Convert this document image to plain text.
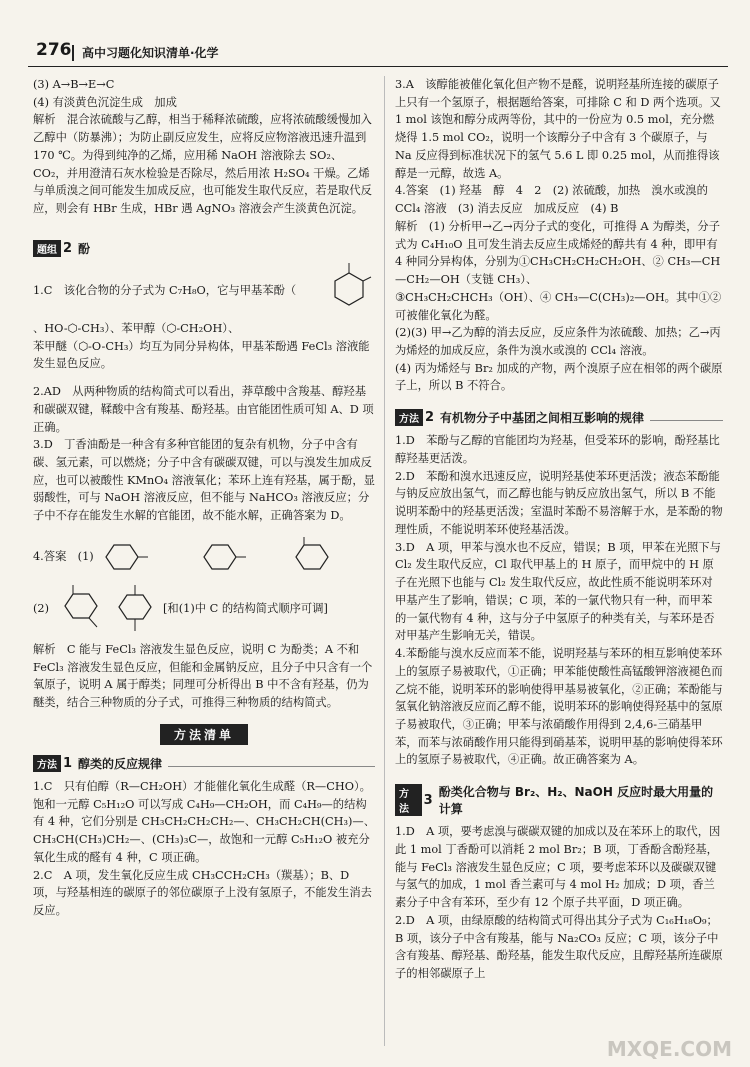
276 高中习题化知识清单·化学

(3) A→B→E→C

(4) 有淡黄色沉淀生成　加成

解析　混合浓硫酸与乙醇，相当于稀释浓硫酸，应将浓硫酸缓慢加入乙醇中（防暴沸）；为防止副反应发生，应将反应物溶液迅速升温到170 ℃。为得到纯净的乙烯，应用稀 NaOH 溶液除去 SO₂、CO₂，并用澄清石灰水检验是否除尽，然后用浓 H₂SO₄ 干燥。乙烯与单质溴之间可能发生加成反应，也可能发生取代反应，若是取代反应，则会有 HBr 生成，HBr 遇 AgNO₃ 溶液会产生淡黄色沉淀。

题组 2 酚

1.C　该化合物的分子式为 C₇H₈O，它与甲基苯酚（

、HO-⬡-CH₃）、苯甲醇（⬡-CH₂OH）、

苯甲醚（⬡-O-CH₃）均互为同分异构体，甲基苯酚遇 FeCl₃ 溶液能发生显色反应。

2.AD　从两种物质的结构简式可以看出，莽草酸中含羧基、醇羟基和碳碳双键，鞣酸中含有羧基、酚羟基。由官能团性质可知 A、D 项正确。

3.D　丁香油酚是一种含有多种官能团的复杂有机物，分子中含有碳、氢元素，可以燃烧；分子中含有碳碳双键，可以与溴发生加成反应，也可以被酸性 KMnO₄ 溶液氧化；苯环上连有羟基，属于酚，显弱酸性，可与 NaOH 溶液反应，但不能与 NaHCO₃ 溶液反应；分子中不存在能发生水解的官能团，故不能水解，正确答案为 D。

4.答案　(1)
(2)	[和(1)中 C 的结构简式顺序可调]

解析　C 能与 FeCl₃ 溶液发生显色反应，说明 C 为酚类；A 不和 FeCl₃ 溶液发生显色反应，但能和金属钠反应，且分子中只含有一个氧原子，说明 A 属于醇类；同理可分析得出 B 中不含有羟基，仍为醚类，结合三种物质的分子式，可推得三种物质的结构简式。

方法清单
方法 1 醇类的反应规律

1.C　只有伯醇（R—CH₂OH）才能催化氧化生成醛（R—CHO）。饱和一元醇 C₅H₁₂O 可以写成 C₄H₉—CH₂OH，而 C₄H₉—的结构有 4 种，它们分别是 CH₃CH₂CH₂CH₂—、CH₃CH₂CH(CH₃)—、CH₃CH(CH₃)CH₂—、(CH₃)₃C—，故饱和一元醇 C₅H₁₂O 被充分氧化生成的醛有 4 种，C 项正确。

2.C　A 项，发生氧化反应生成 CH₃CCH₂CH₃（羰基）；B、D 项，与羟基相连的碳原子的邻位碳原子上没有氢原子，不能发生消去反应。

3.A　该醇能被催化氧化但产物不是醛，说明羟基所连接的碳原子上只有一个氢原子，根据题给答案，可排除 C 和 D 两个选项。又 1 mol 该饱和醇分成两等份，其中的一份应为 0.5 mol，充分燃烧得 1.5 mol CO₂，说明一个该醇分子中含有 3 个碳原子，与 Na 反应得到标准状况下的氢气 5.6 L 即 0.25 mol，从而推得该醇是一元醇，故选 A。

4.答案　(1) 羟基　醇　4　2　(2) 浓硫酸，加热　溴水或溴的 CCl₄ 溶液　(3) 消去反应　加成反应　(4) B

解析　(1) 分析甲→乙→丙分子式的变化，可推得 A 为醇类，分子式为 C₄H₁₀O 且可发生消去反应生成烯烃的醇共有 4 种，即甲有 4 种同分异构体，分别为①CH₃CH₂CH₂CH₂OH、② CH₃—CH—CH₂—OH（支链 CH₃）、

③CH₃CH₂CHCH₃（OH）、④ CH₃—C(CH₃)₂—OH。其中①②可被催化氧化为醛。

(2)(3) 甲→乙为醇的消去反应，反应条件为浓硫酸、加热；乙→丙为烯烃的加成反应，条件为溴水或溴的 CCl₄ 溶液。

(4) 丙为烯烃与 Br₂ 加成的产物，两个溴原子应在相邻的两个碳原子上，所以 B 不符合。

方法 2 有机物分子中基团之间相互影响的规律

1.D　苯酚与乙醇的官能团均为羟基，但受苯环的影响，酚羟基比醇羟基更活泼。

2.D　苯酚和溴水迅速反应，说明羟基使苯环更活泼；液态苯酚能与钠反应放出氢气，而乙醇也能与钠反应放出氢气，所以 B 不能说明苯酚中的羟基更活泼；室温时苯酚不易溶解于水，是苯酚的物理性质，不能说明苯环使羟基活泼。

3.D　A 项，甲苯与溴水也不反应，错误；B 项，甲苯在光照下与 Cl₂ 发生取代反应，Cl 取代甲基上的 H 原子，而甲烷中的 H 原子在光照下也能与 Cl₂ 发生取代反应，故此性质不能说明苯环对甲基产生了影响，错误；C 项，苯的一氯代物只有一种，而甲苯的一氯代物有 4 种，这与分子中氢原子的种类有关，与苯环是否对甲基产生影响无关，错误。

4.苯酚能与溴水反应而苯不能，说明羟基与苯环的相互影响使苯环上的氢原子易被取代，①正确；甲苯能使酸性高锰酸钾溶液褪色而乙烷不能，说明苯环的影响使得甲基易被氧化，②正确；苯酚能与氢氧化钠溶液反应而乙醇不能，说明苯环的影响使得羟基中的氢原子易被取代，③正确；甲苯与浓硝酸作用得到 2,4,6-三硝基甲苯，而苯与浓硝酸作用只能得到硝基苯，说明甲基的影响使得苯环上的氢原子易被取代，④正确。故正确答案为 A。

方法
3
酚类化合物与 Br₂、H₂、NaOH 反应时最大用量的计算

1.D　A 项，要考虑溴与碳碳双键的加成以及在苯环上的取代，因此 1 mol 丁香酚可以消耗 2 mol Br₂；B 项，丁香酚含酚羟基，能与 FeCl₃ 溶液发生显色反应；C 项，要考虑苯环以及碳碳双键与氢气的加成，1 mol 香兰素可与 4 mol H₂ 加成；D 项，香兰素分子中含有苯环，至少有 12 个原子共平面，D 项正确。

2.D　A 项，由绿原酸的结构简式可得出其分子式为 C₁₆H₁₈O₉；B 项，该分子中含有羧基，能与 Na₂CO₃ 反应；C 项，该分子中含有羧基、醇羟基、酚羟基，能发生取代反应，且醇羟基所连碳原子的相邻碳原子上

MXQE.COM
